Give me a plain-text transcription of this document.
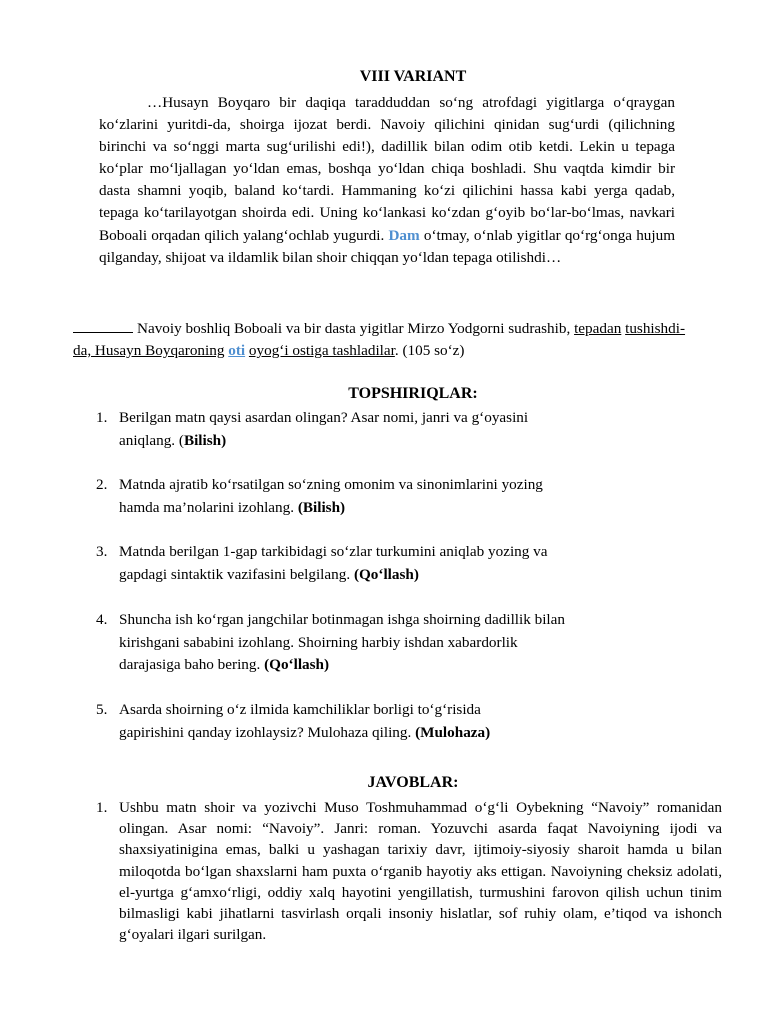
VIII VARIANT
…Husayn Boyqaro bir daqiqa taradduddan so‘ng atrofdagi yigitlarga o‘qraygan ko‘zlarini yuritdi-da, shoirga ijozat berdi. Navoiy qilichini qinidan sug‘urdi (qilichning birinchi va so‘nggi marta sug‘urilishi edi!), dadillik bilan odim otib ketdi. Lekin u tepaga ko‘plar mo‘ljallagan yo‘ldan emas, boshqa yo‘ldan chiqa boshladi. Shu vaqtda kimdir bir dasta shamni yoqib, baland ko‘tardi. Hammaning ko‘zi qilichini hassa kabi yerga qadab, tepaga ko‘tarilayotgan shoirda edi. Uning ko‘lankasi ko‘zdan g‘oyib bo‘lar-bo‘lmas, navkari Boboali orqadan qilich yalang‘ochlab yugurdi. Dam o‘tmay, o‘nlab yigitlar qo‘rg‘onga hujum qilganday, shijoat va ildamlik bilan shoir chiqqan yo‘ldan tepaga otilishdi…
Navoiy boshliq Boboali va bir dasta yigitlar Mirzo Yodgorni sudrashib, tepadan tushishdi-da, Husayn Boyqaroning oti oyog‘i ostiga tashladilar. (105 so‘z)
TOPSHIRIQLAR:
1. Berilgan matn qaysi asardan olingan? Asar nomi, janri va g‘oyasini
aniqlang. (Bilish)
2. Matnda ajratib ko‘rsatilgan so‘zning omonim va sinonimlarini yozing
hamda ma’nolarini izohlang. (Bilish)
3. Matnda berilgan 1-gap tarkibidagi so‘zlar turkumini aniqlab yozing va
gapdagi sintaktik vazifasini belgilang. (Qo‘llash)
4. Shuncha ish ko‘rgan jangchilar botinmagan ishga shoirning dadillik bilan
kirishgani sababini izohlang. Shoirning harbiy ishdan xabardorlik
darajasiga baho bering. (Qo‘llash)
5. Asarda shoirning o‘z ilmida kamchiliklar borligi to‘g‘risida
gapirishini qanday izohlaysiz? Mulohaza qiling. (Mulohaza)
JAVOBLAR:
1. Ushbu matn shoir va yozivchi Muso Toshmuhammad o‘g‘li Oybekning “Navoiy” romanidan olingan. Asar nomi: “Navoiy”. Janri: roman. Yozuvchi asarda faqat Navoiyning ijodi va shaxsiyatinigina emas, balki u yashagan tarixiy davr, ijtimoiy-siyosiy sharoit hamda u bilan miloqotda bo‘lgan shaxslarni ham puxta o‘rganib hayotiy aks ettigan. Navoiyning cheksiz adolati, el-yurtga g‘amxo‘rligi, oddiy xalq hayotini yengillatish, turmushini farovon qilish uchun tinim bilmasligi kabi jihatlarni tasvirlash orqali insoniy hislatlar, sof ruhiy olam, e’tiqod va ishonch g‘oyalari ilgari surilgan.
